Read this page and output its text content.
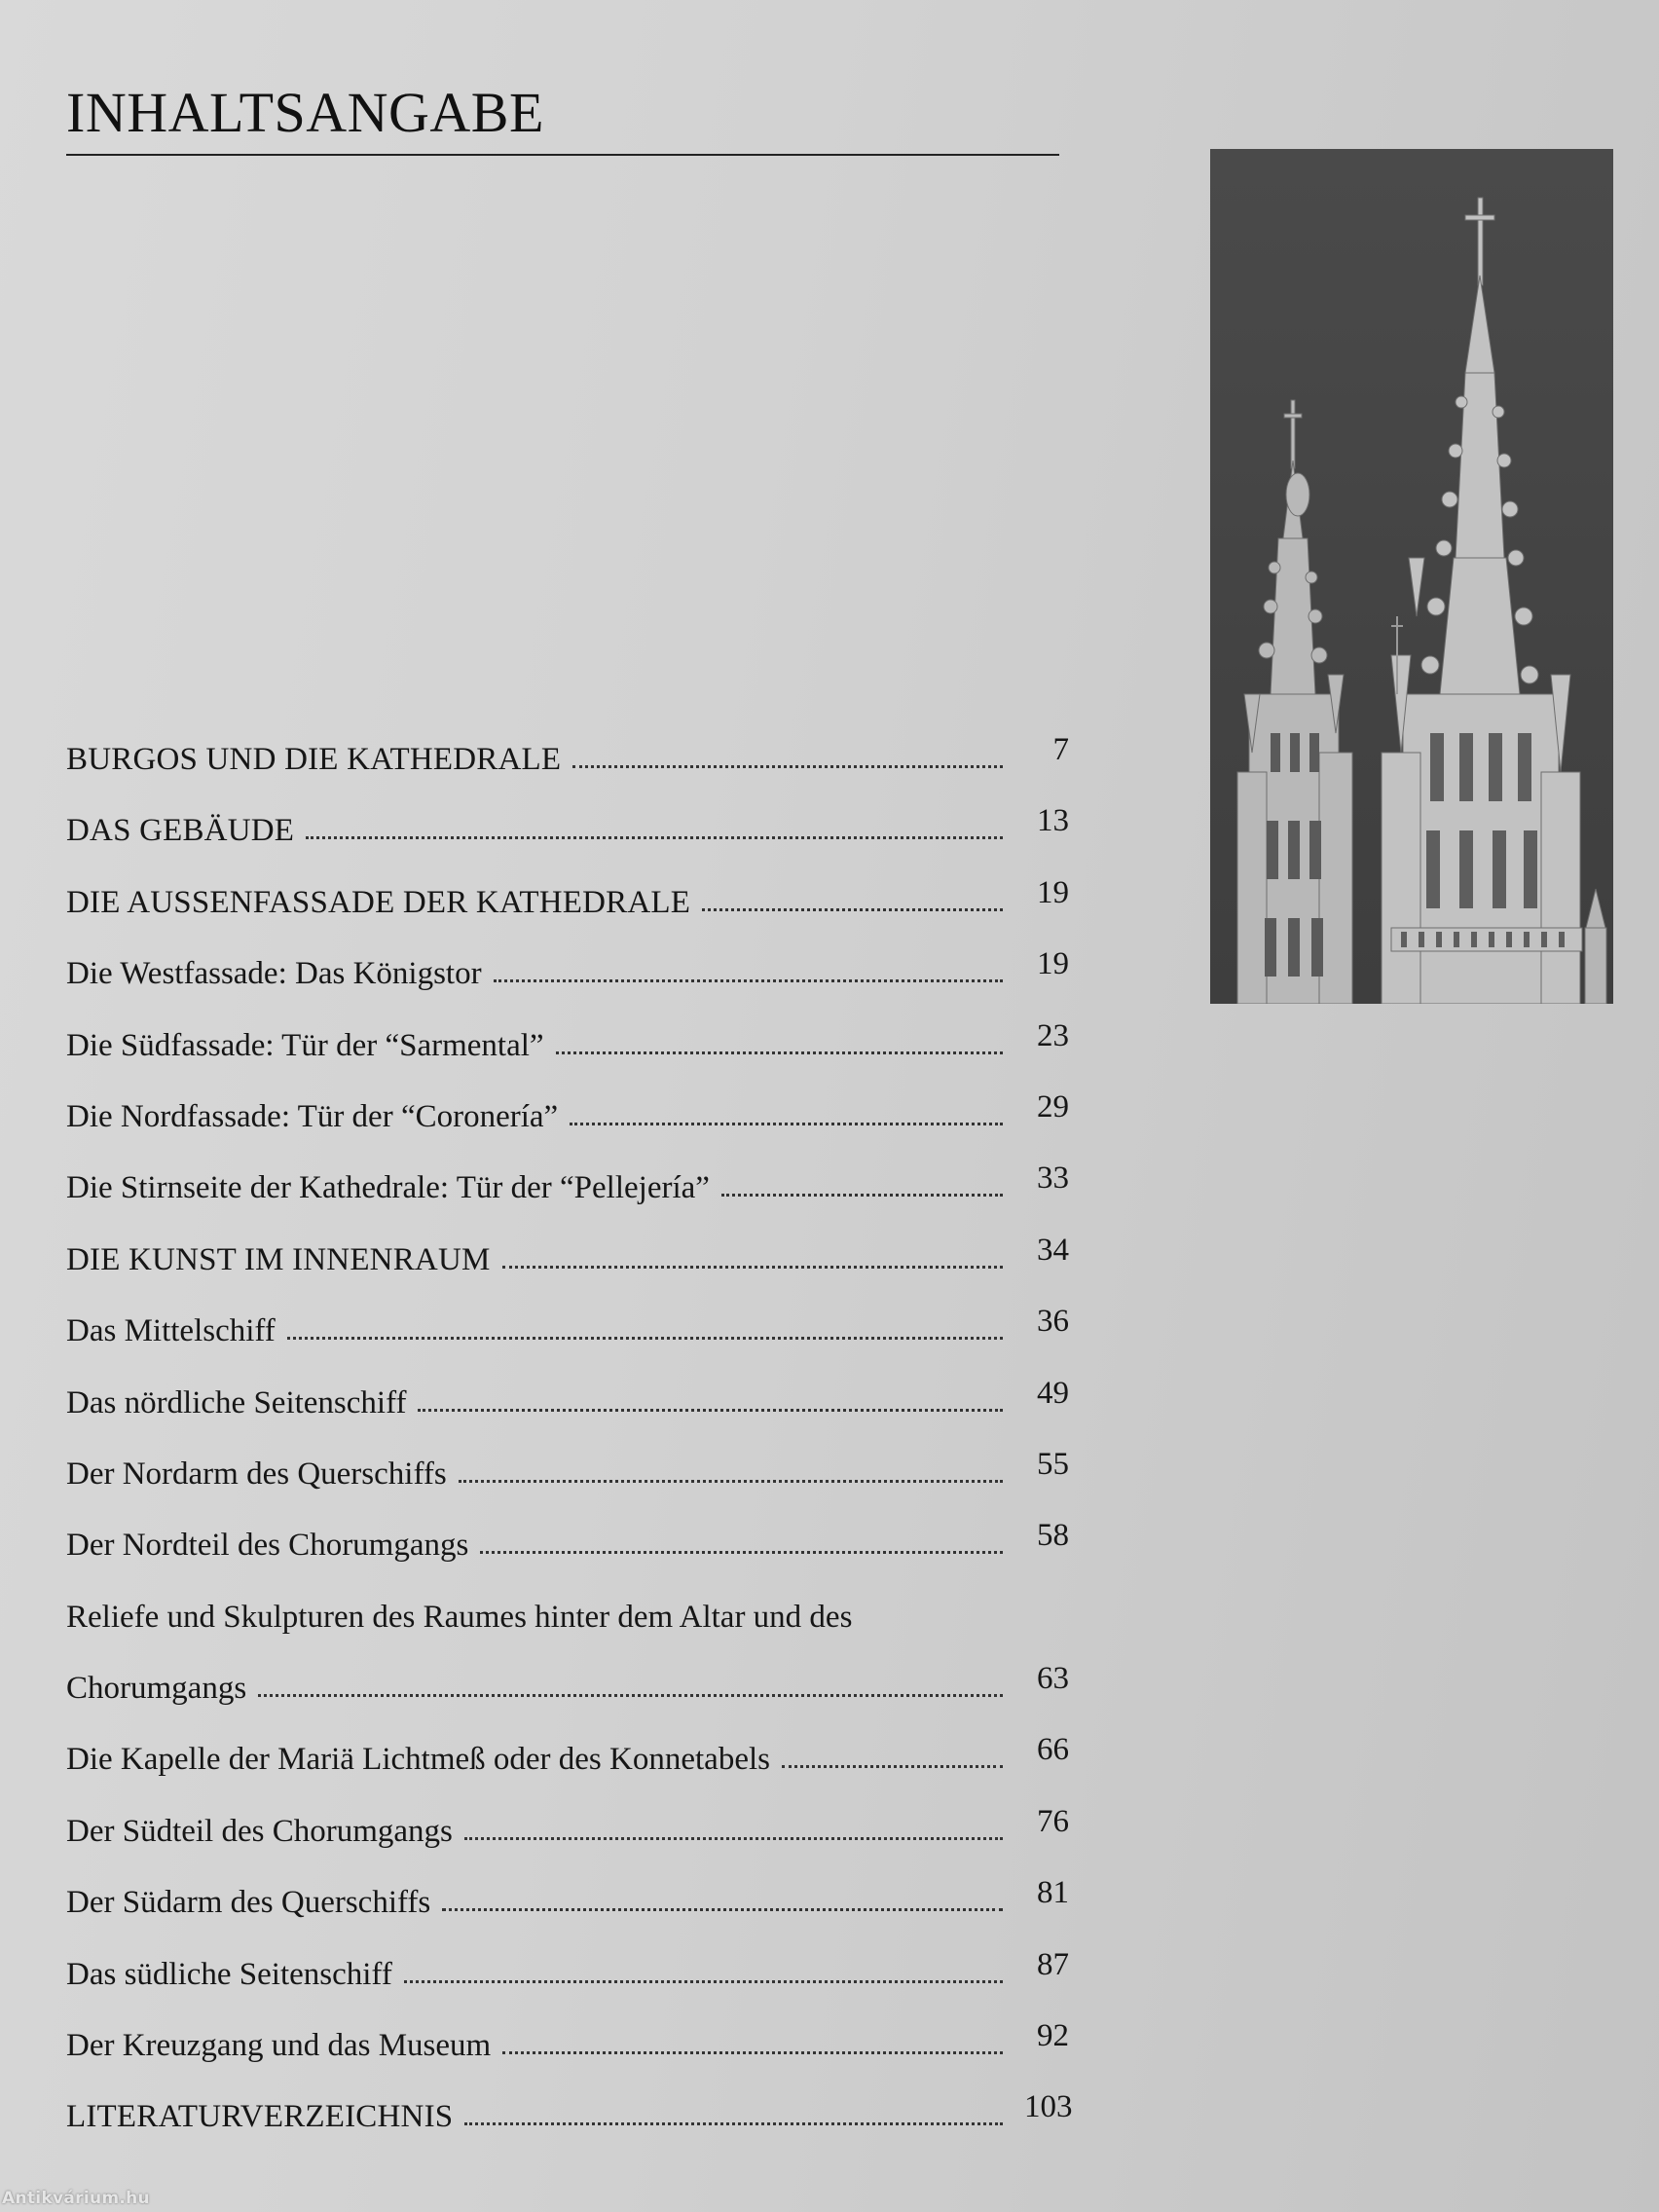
INHALTSANGABE
BURGOS UND DIE KATHEDRALE	7
DAS GEBÄUDE	13
DIE AUSSENFASSADE DER KATHEDRALE	19
Die Westfassade: Das Königstor	19
Die Südfassade: Tür der “Sarmental”	23
Die Nordfassade: Tür der “Coronería”	29
Die Stirnseite der Kathedrale: Tür der “Pellejería”	33
DIE KUNST IM INNENRAUM	34
Das Mittelschiff	36
Das nördliche Seitenschiff	49
Der Nordarm des Querschiffs	55
Der Nordteil des Chorumgangs	58
Reliefe und Skulpturen des Raumes hinter dem Altar und des
Chorumgangs	63
Die Kapelle der Mariä Lichtmeß oder des Konnetabels	66
Der Südteil des Chorumgangs	76
Der Südarm des Querschiffs	81
Das südliche Seitenschiff	87
Der Kreuzgang und das Museum	92
LITERATURVERZEICHNIS	103
Antikvárium.hu
